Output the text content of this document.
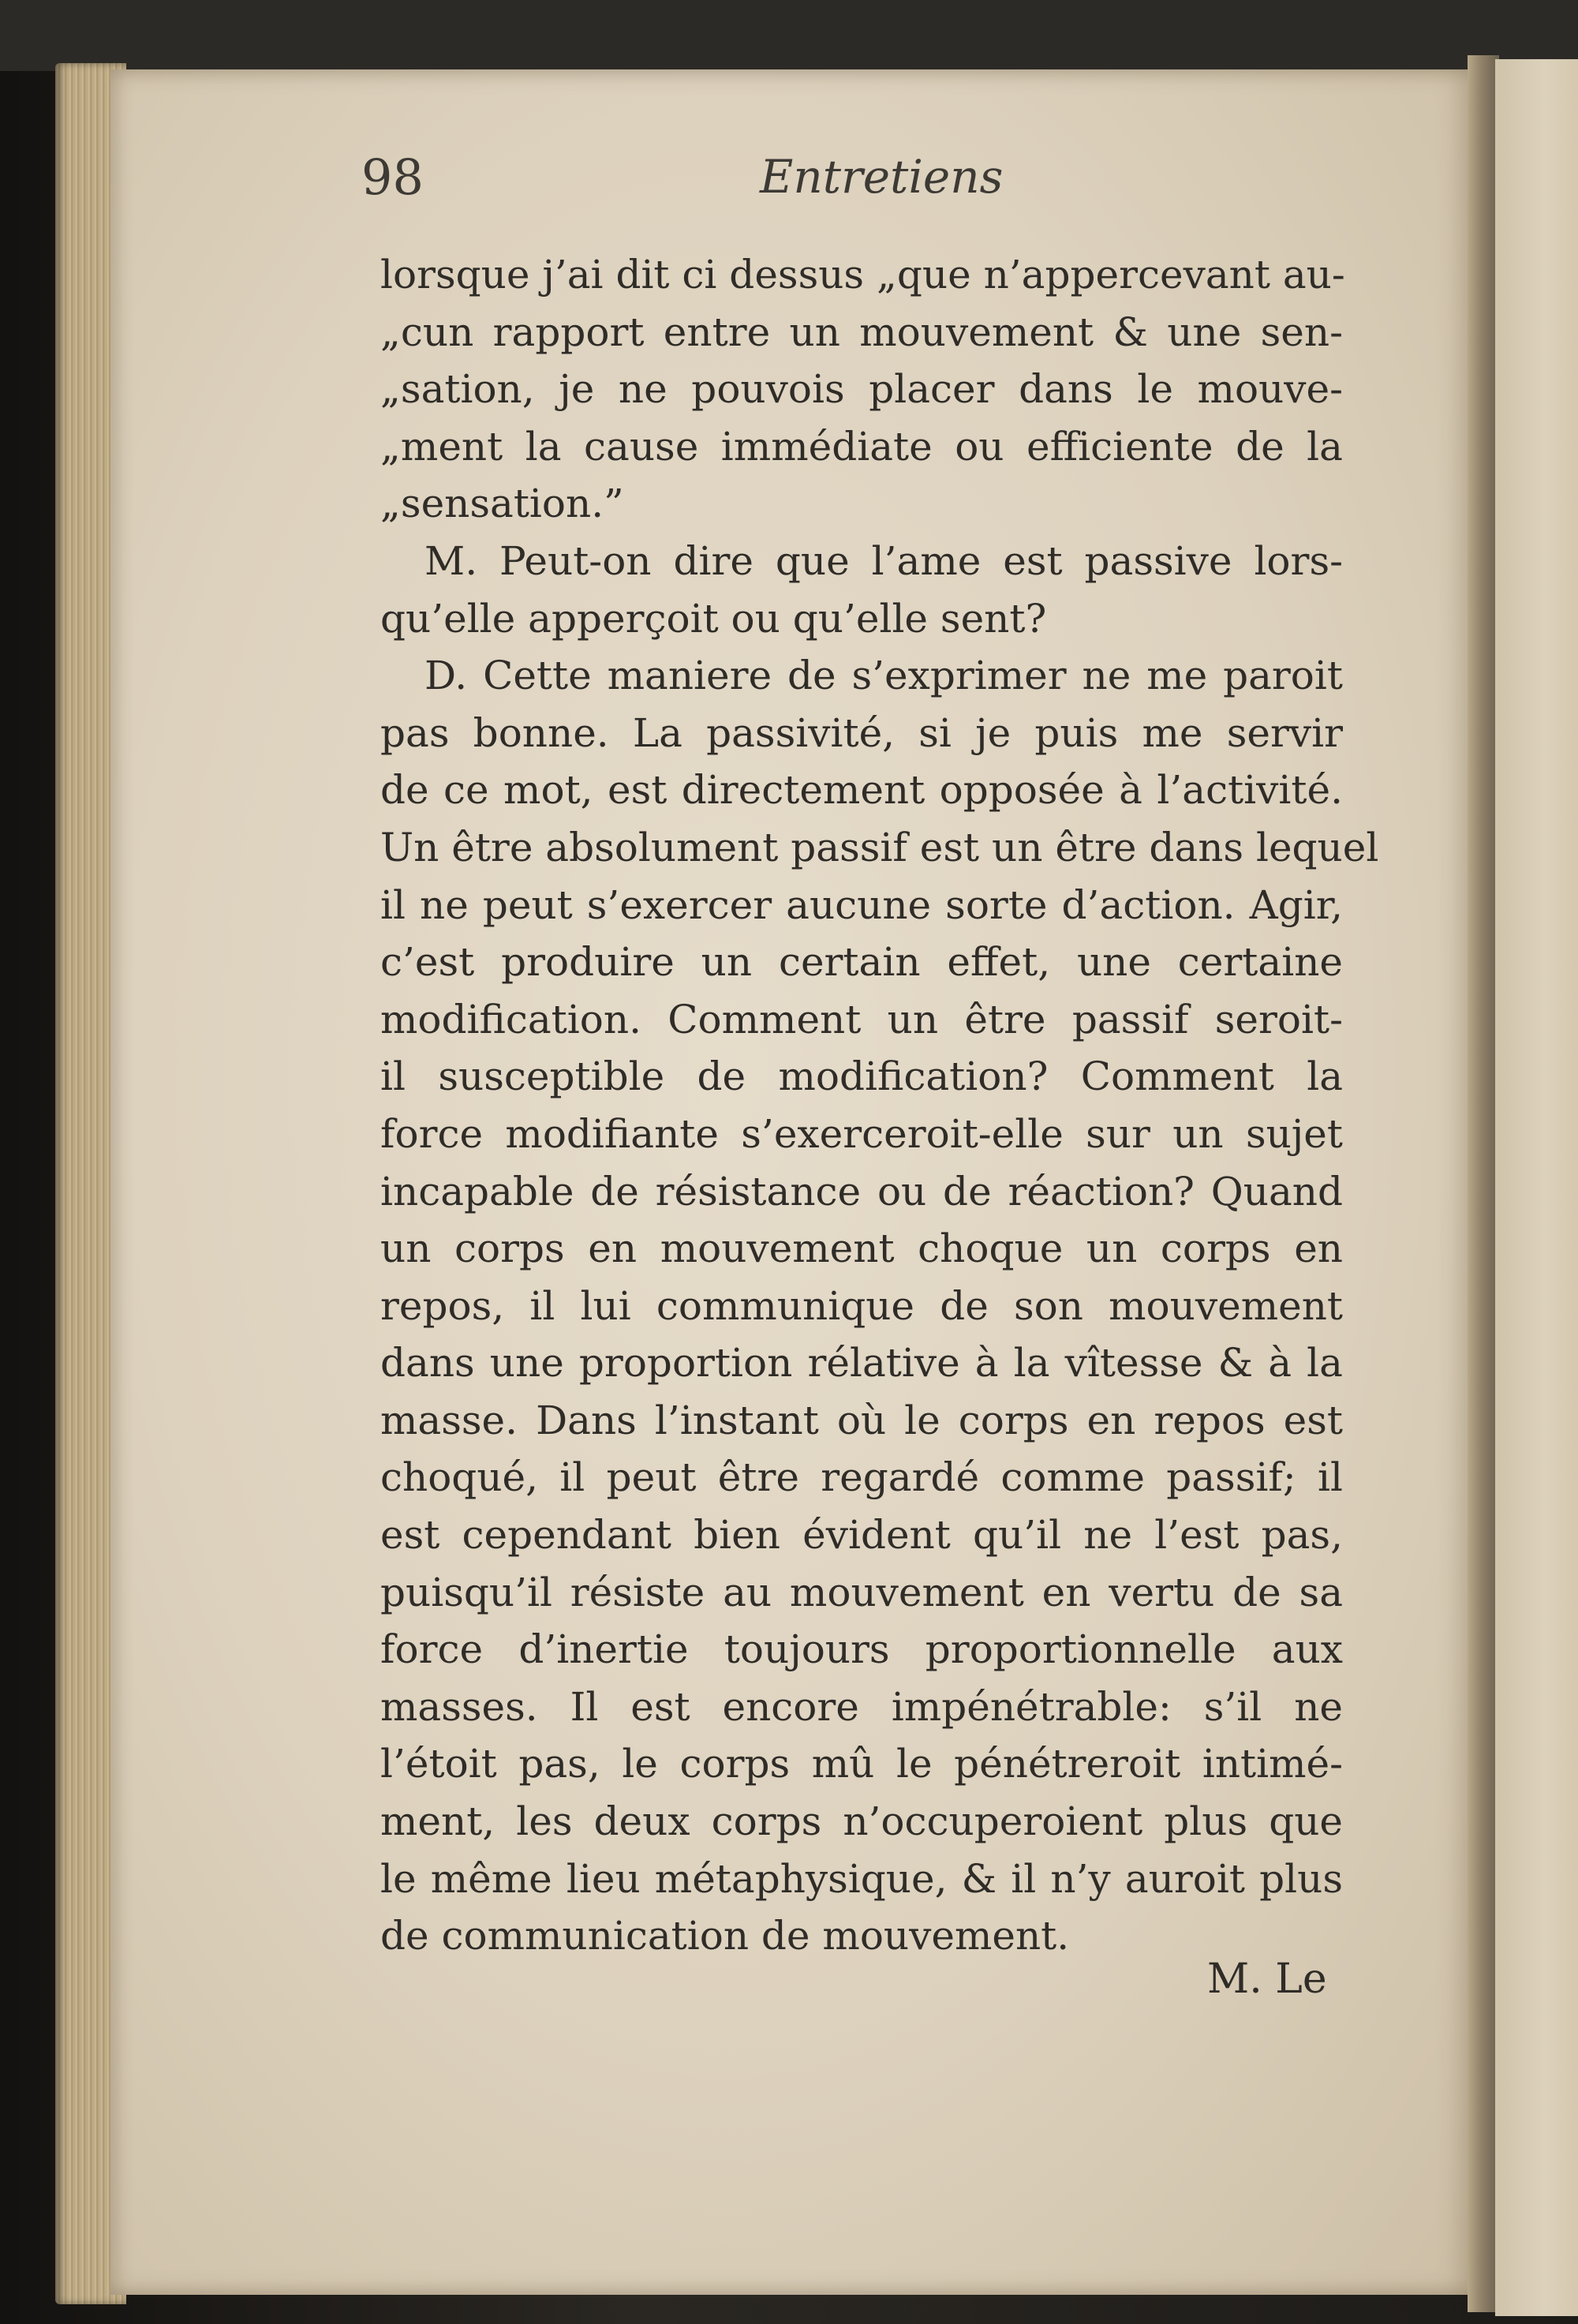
98	Entretiens
lorsque j’ai dit ci dessus „que n’appercevant au-
„cun rapport entre un mouvement & une sen-
„sation, je ne pouvois placer dans le mouve-
„ment la cause immédiate ou efficiente de la
„sensation.”
M. Peut-on dire que l’ame est passive lors-
qu’elle apperçoit ou qu’elle sent?
D. Cette maniere de s’exprimer ne me paroit
pas bonne. La passivité, si je puis me servir
de ce mot, est directement opposée à l’activité.
Un être absolument passif est un être dans lequel
il ne peut s’exercer aucune sorte d’action. Agir,
c’est produire un certain effet, une certaine
modification. Comment un être passif seroit-
il susceptible de modification? Comment la
force modifiante s’exerceroit-elle sur un sujet
incapable de résistance ou de réaction? Quand
un corps en mouvement choque un corps en
repos, il lui communique de son mouvement
dans une proportion rélative à la vîtesse & à la
masse. Dans l’instant où le corps en repos est
choqué, il peut être regardé comme passif; il
est cependant bien évident qu’il ne l’est pas,
puisqu’il résiste au mouvement en vertu de sa
force d’inertie toujours proportionnelle aux
masses. Il est encore impénétrable: s’il ne
l’étoit pas, le corps mû le pénétreroit intimé-
ment, les deux corps n’occuperoient plus que
le même lieu métaphysique, & il n’y auroit plus
de communication de mouvement.
M. Le
